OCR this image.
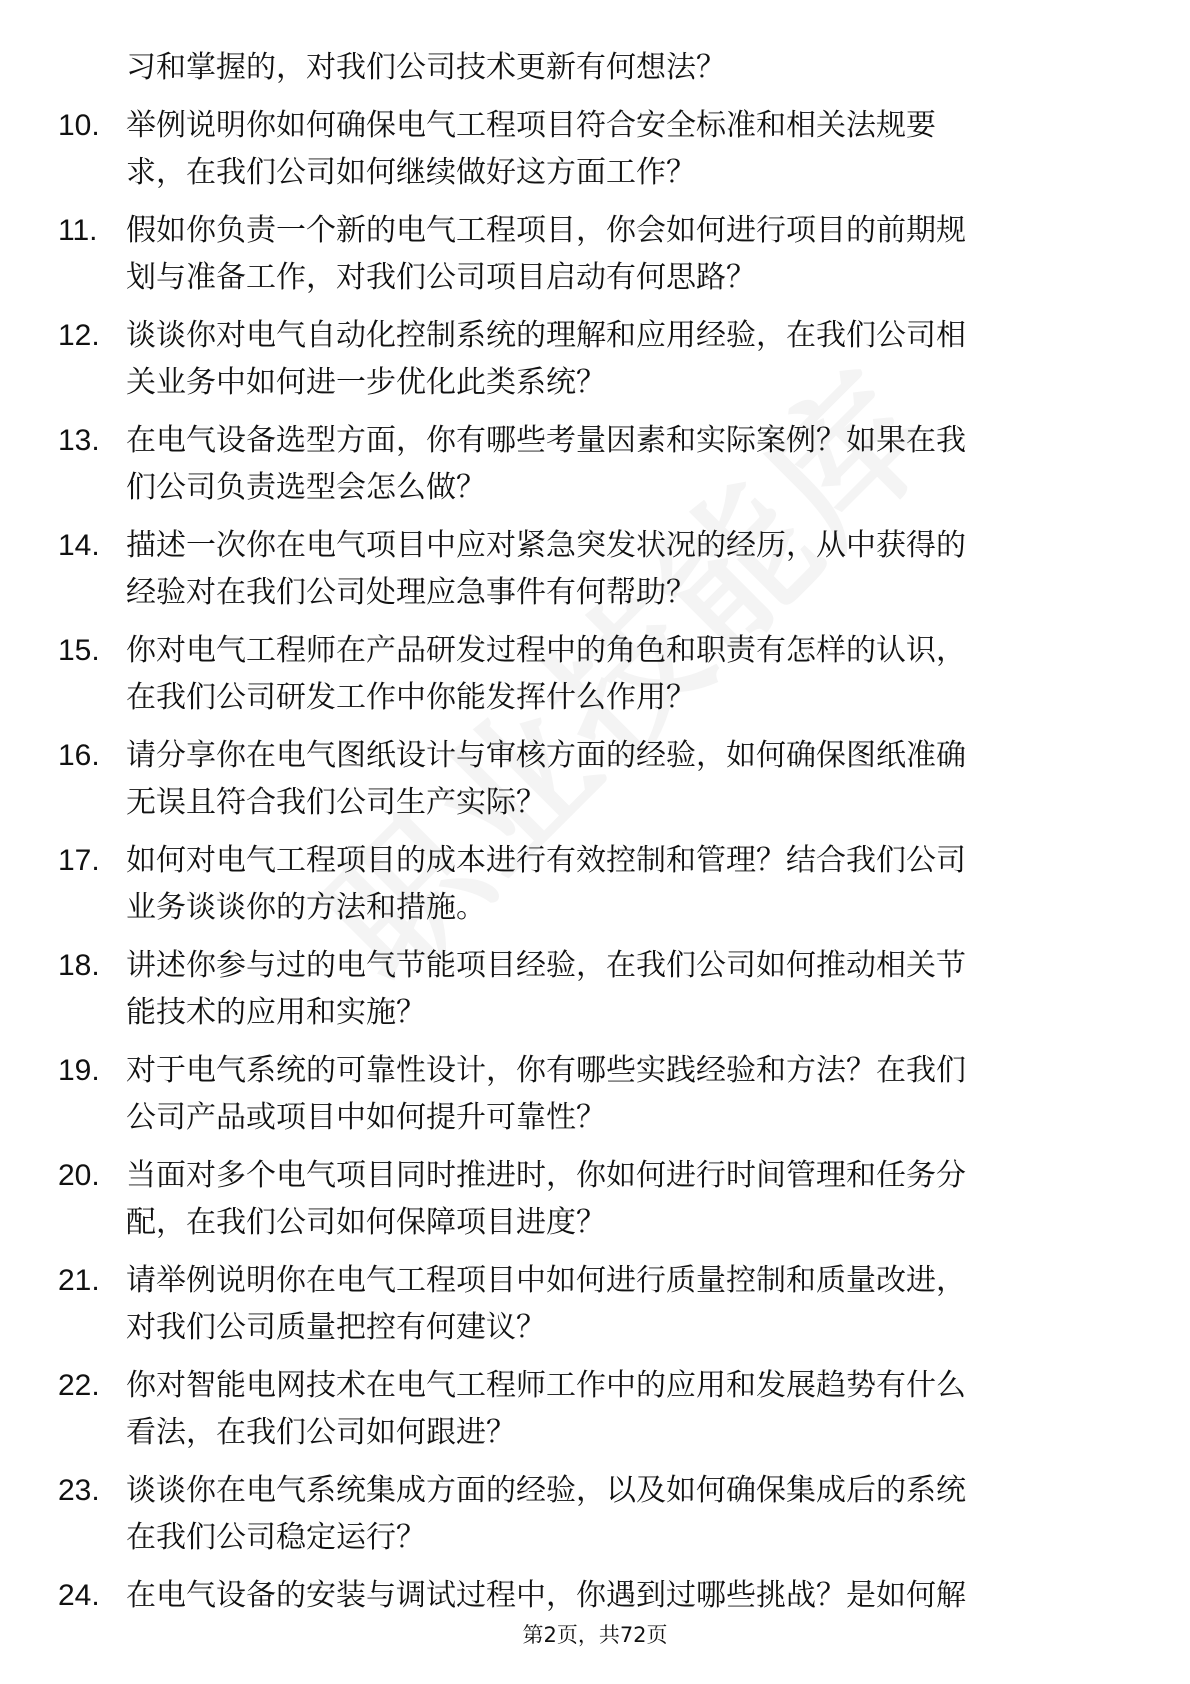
习和掌握的，对我们公司技术更新有何想法？
10. 举例说明你如何确保电气工程项目符合安全标准和相关法规要
求，在我们公司如何继续做好这方面工作？
11. 假如你负责一个新的电气工程项目，你会如何进行项目的前期规
划与准备工作，对我们公司项目启动有何思路？
12. 谈谈你对电气自动化控制系统的理解和应用经验，在我们公司相
关业务中如何进一步优化此类系统？
13. 在电气设备选型方面，你有哪些考量因素和实际案例？如果在我
们公司负责选型会怎么做？
14. 描述一次你在电气项目中应对紧急突发状况的经历，从中获得的
经验对在我们公司处理应急事件有何帮助？
15. 你对电气工程师在产品研发过程中的角色和职责有怎样的认识，
在我们公司研发工作中你能发挥什么作用？
16. 请分享你在电气图纸设计与审核方面的经验，如何确保图纸准确
无误且符合我们公司生产实际？
17. 如何对电气工程项目的成本进行有效控制和管理？结合我们公司
业务谈谈你的方法和措施。
18. 讲述你参与过的电气节能项目经验，在我们公司如何推动相关节
能技术的应用和实施？
19. 对于电气系统的可靠性设计，你有哪些实践经验和方法？在我们
公司产品或项目中如何提升可靠性？
20. 当面对多个电气项目同时推进时，你如何进行时间管理和任务分
配，在我们公司如何保障项目进度？
21. 请举例说明你在电气工程项目中如何进行质量控制和质量改进，
对我们公司质量把控有何建议？
22. 你对智能电网技术在电气工程师工作中的应用和发展趋势有什么
看法，在我们公司如何跟进？
23. 谈谈你在电气系统集成方面的经验，以及如何确保集成后的系统
在我们公司稳定运行？
24. 在电气设备的安装与调试过程中，你遇到过哪些挑战？是如何解
第2页，共72页
